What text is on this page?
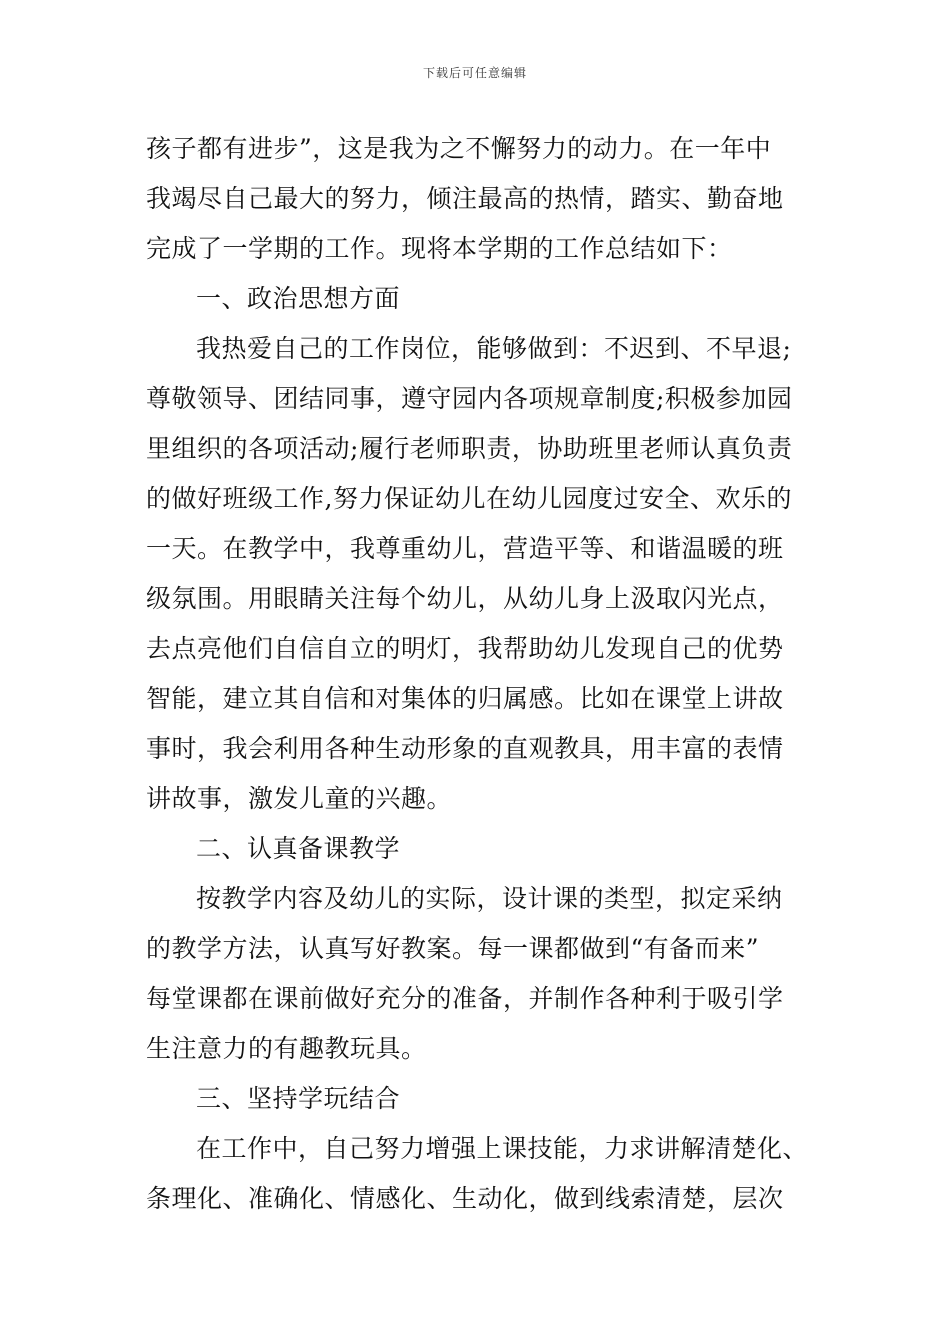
下载后可任意编辑
孩子都有进步”，这是我为之不懈努力的动力。在一年中
我竭尽自己最大的努力，倾注最高的热情，踏实、勤奋地
完成了一学期的工作。现将本学期的工作总结如下：
一、政治思想方面
我热爱自己的工作岗位，能够做到：不迟到、不早退;
尊敬领导、团结同事，遵守园内各项规章制度;积极参加园
里组织的各项活动;履行老师职责，协助班里老师认真负责
的做好班级工作,努力保证幼儿在幼儿园度过安全、欢乐的
一天。在教学中，我尊重幼儿，营造平等、和谐温暖的班
级氛围。用眼睛关注每个幼儿，从幼儿身上汲取闪光点，
去点亮他们自信自立的明灯，我帮助幼儿发现自己的优势
智能，建立其自信和对集体的归属感。比如在课堂上讲故
事时，我会利用各种生动形象的直观教具，用丰富的表情
讲故事，激发儿童的兴趣。
二、认真备课教学
按教学内容及幼儿的实际，设计课的类型，拟定采纳
的教学方法，认真写好教案。每一课都做到“有备而来”
每堂课都在课前做好充分的准备，并制作各种利于吸引学
生注意力的有趣教玩具。
三、坚持学玩结合
在工作中，自己努力增强上课技能，力求讲解清楚化、
条理化、准确化、情感化、生动化，做到线索清楚，层次
